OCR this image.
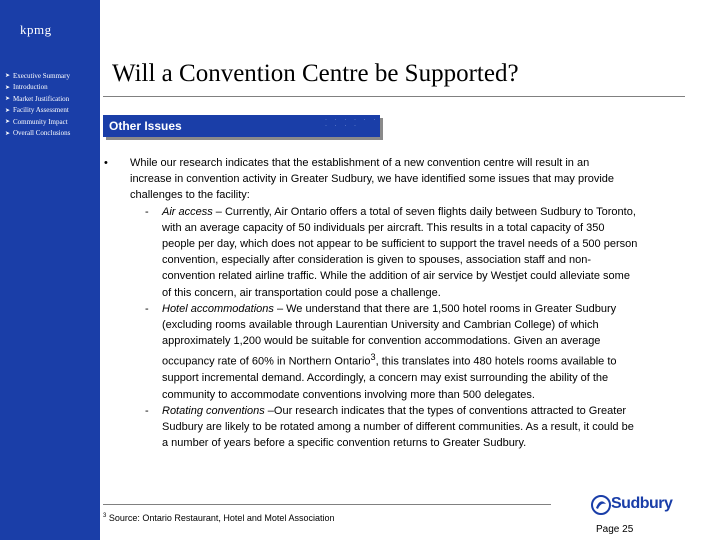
kpmg
➤ Executive Summary
➤ Introduction
➤ Market Justification
➤ Facility Assessment
➤ Community Impact
➤ Overall Conclusions
Will a Convention Centre be Supported?
Other Issues	· · · · · · · · · ·
• While our research indicates that the establishment of a new convention centre will result in an increase in convention activity in Greater Sudbury, we have identified some issues that may provide challenges to the facility:
- Air access – Currently, Air Ontario offers a total of seven flights daily between Sudbury to Toronto, with an average capacity of 50 individuals per aircraft. This results in a total capacity of 350 people per day, which does not appear to be sufficient to support the travel needs of a 500 person convention, especially after consideration is given to spouses, association staff and non-convention related airline traffic. While the addition of air service by Westjet could alleviate some of this concern, air transportation could pose a challenge.
- Hotel accommodations – We understand that there are 1,500 hotel rooms in Greater Sudbury (excluding rooms available through Laurentian University and Cambrian College) of which approximately 1,200 would be suitable for convention accommodations. Given an average occupancy rate of 60% in Northern Ontario$^3$, this translates into 480 hotels rooms available to support incremental demand. Accordingly, a concern may exist surrounding the ability of the community to accommodate conventions involving more than 500 delegates.
- Rotating conventions –Our research indicates that the types of conventions attracted to Greater Sudbury are likely to be rotated among a number of different communities. As a result, it could be a number of years before a specific convention returns to Greater Sudbury.
$^3$ Source: Ontario Restaurant, Hotel and Motel Association
Sudbury
Page 25
